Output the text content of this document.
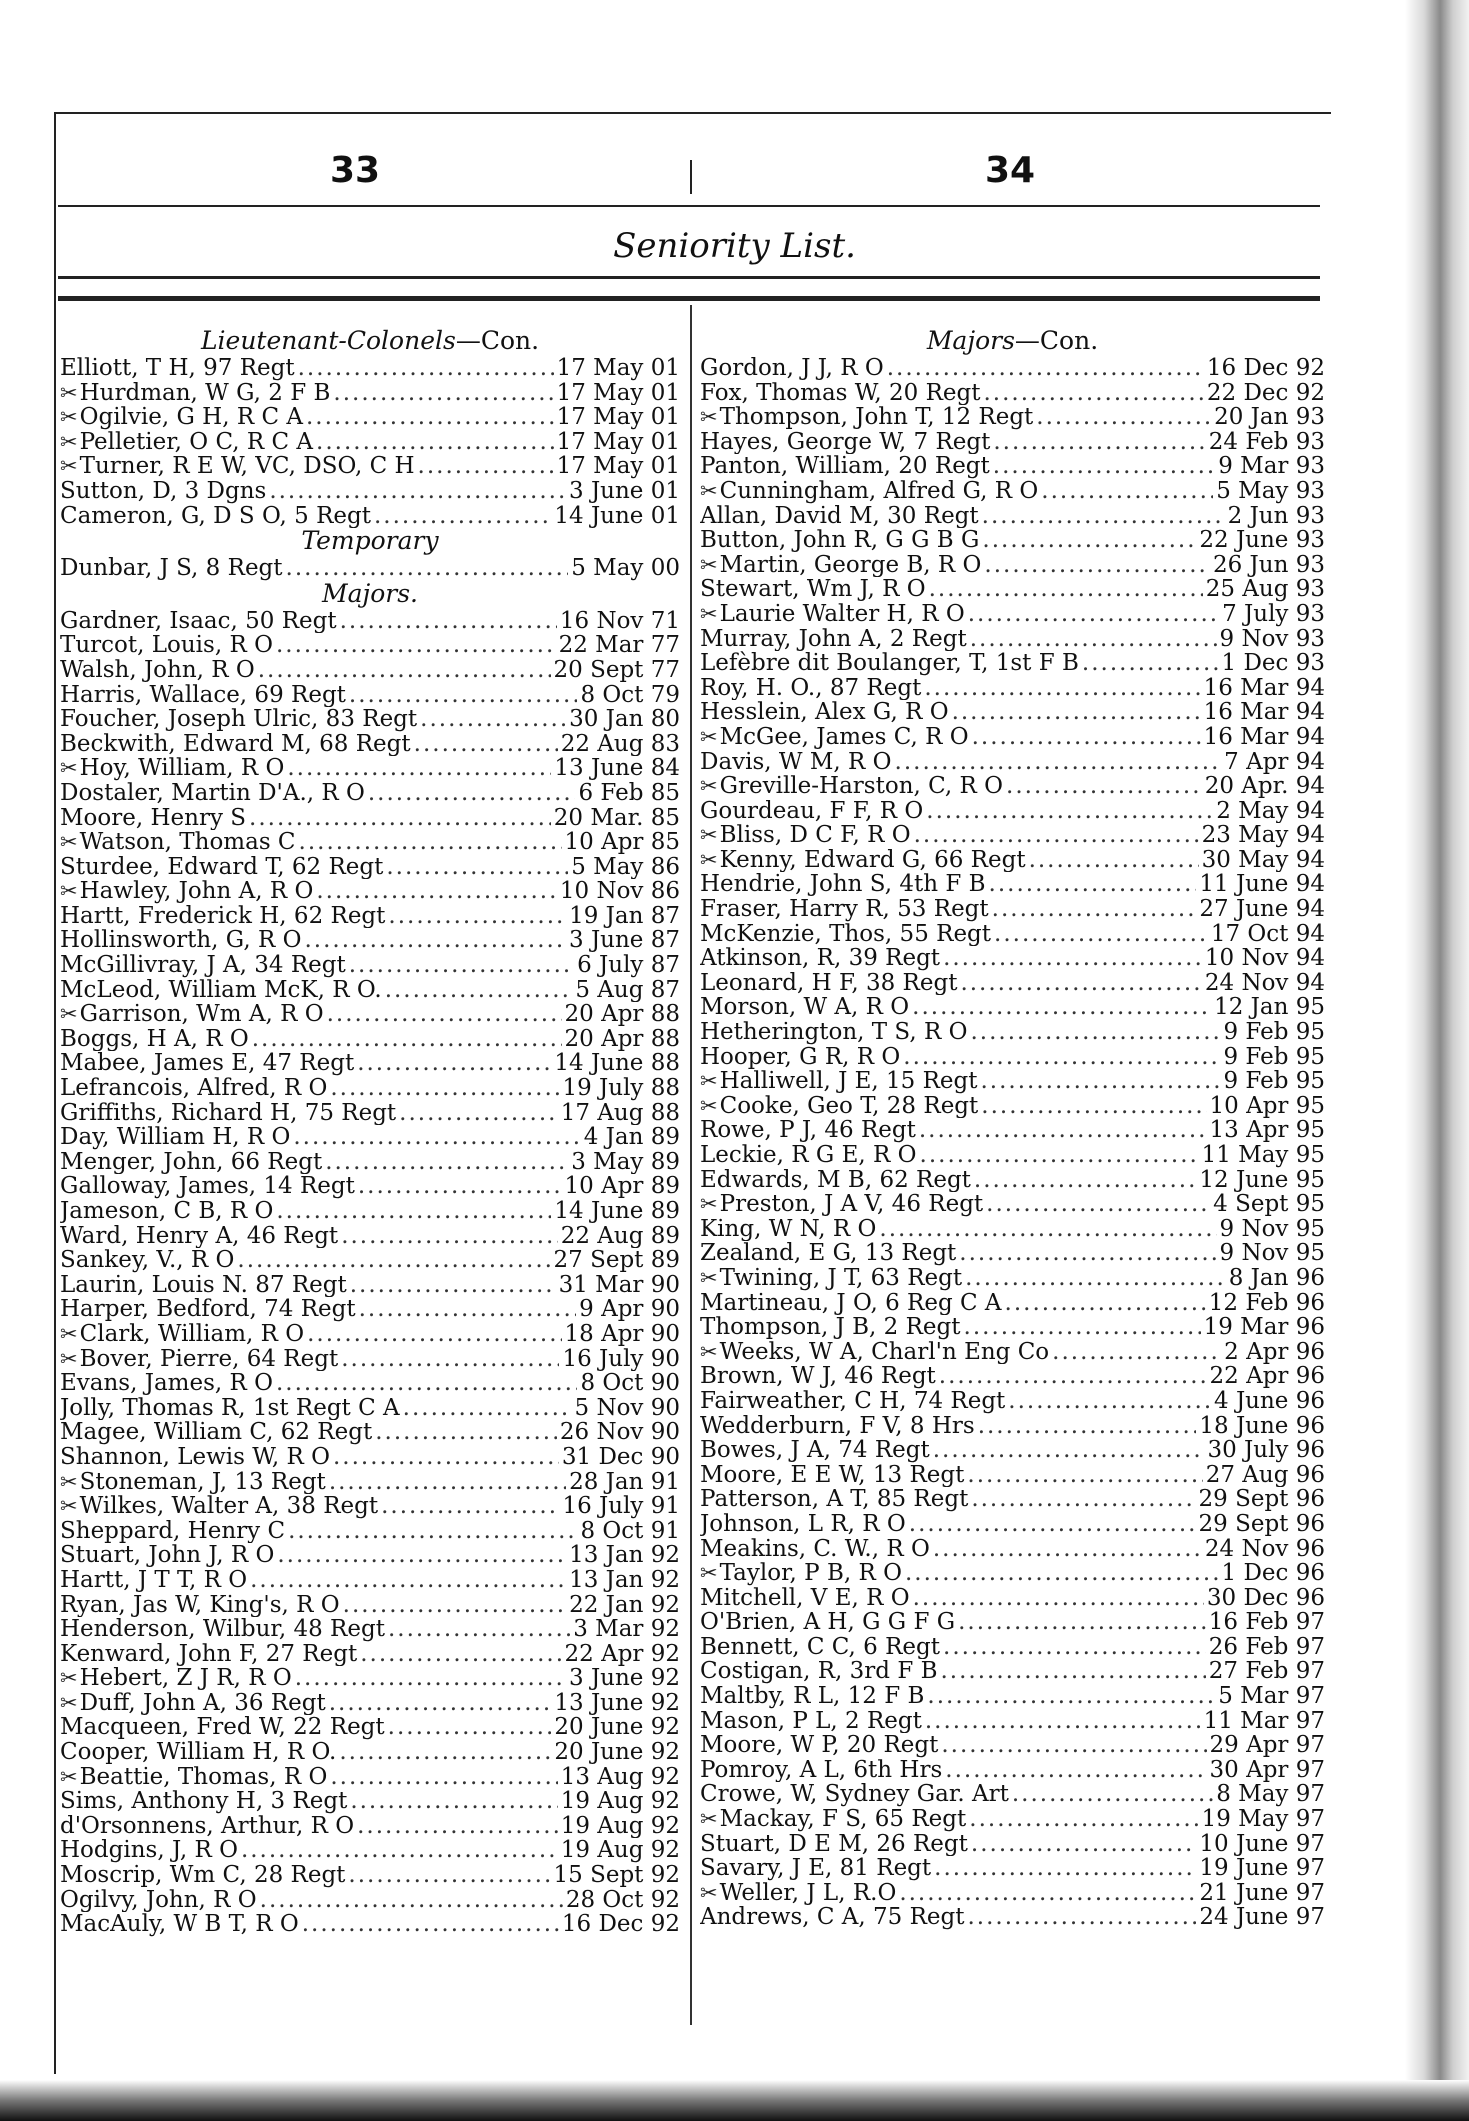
33	34
Seniority List.
Lieutenant-Colonels—Con.
Elliott, T H, 97 Regt .....	17 May 01
✂ Hurdman, W G, 2 F B .....	17 May 01
✂ Ogilvie, G H, R C A .....	17 May 01
✂ Pelletier, O C, R C A .....	17 May 01
✂ Turner, R E W, VC, DSO, C H .....	17 May 01
Sutton, D, 3 Dgns .....	3 June 01
Cameron, G, D S O, 5 Regt .....	14 June 01
Temporary
Dunbar, J S, 8 Regt .....	5 May 00
Majors.
Gardner, Isaac, 50 Regt .....	16 Nov 71
Turcot, Louis, R O .....	22 Mar 77
Walsh, John, R O .....	20 Sept 77
Harris, Wallace, 69 Regt .....	8 Oct 79
Foucher, Joseph Ulric, 83 Regt .....	30 Jan 80
Beckwith, Edward M, 68 Regt .....	22 Aug 83
✂ Hoy, William, R O .....	13 June 84
Dostaler, Martin D'A., R O .....	6 Feb 85
Moore, Henry S .....	20 Mar. 85
✂ Watson, Thomas C .....	10 Apr 85
Sturdee, Edward T, 62 Regt .....	5 May 86
✂ Hawley, John A, R O .....	10 Nov 86
Hartt, Frederick H, 62 Regt .....	19 Jan 87
Hollinsworth, G, R O .....	3 June 87
McGillivray, J A, 34 Regt .....	6 July 87
McLeod, William McK, R O. .....	5 Aug 87
✂ Garrison, Wm A, R O .....	20 Apr 88
Boggs, H A, R O .....	20 Apr 88
Mabee, James E, 47 Regt .....	14 June 88
Lefrancois, Alfred, R O .....	19 July 88
Griffiths, Richard H, 75 Regt .....	17 Aug 88
Day, William H, R O .....	4 Jan 89
Menger, John, 66 Regt .....	3 May 89
Galloway, James, 14 Regt .....	10 Apr 89
Jameson, C B, R O .....	14 June 89
Ward, Henry A, 46 Regt .....	22 Aug 89
Sankey, V., R O .....	27 Sept 89
Laurin, Louis N. 87 Regt .....	31 Mar 90
Harper, Bedford, 74 Regt .....	9 Apr 90
✂ Clark, William, R O .....	18 Apr 90
✂ Bover, Pierre, 64 Regt .....	16 July 90
Evans, James, R O .....	8 Oct 90
Jolly, Thomas R, 1st Regt C A .....	5 Nov 90
Magee, William C, 62 Regt .....	26 Nov 90
Shannon, Lewis W, R O .....	31 Dec 90
✂ Stoneman, J, 13 Regt .....	28 Jan 91
✂ Wilkes, Walter A, 38 Regt .....	16 July 91
Sheppard, Henry C .....	8 Oct 91
Stuart, John J, R O .....	13 Jan 92
Hartt, J T T, R O .....	13 Jan 92
Ryan, Jas W, King's, R O .....	22 Jan 92
Henderson, Wilbur, 48 Regt .....	3 Mar 92
Kenward, John F, 27 Regt .....	22 Apr 92
✂ Hebert, Z J R, R O .....	3 June 92
✂ Duff, John A, 36 Regt .....	13 June 92
Macqueen, Fred W, 22 Regt .....	20 June 92
Cooper, William H, R O. .....	20 June 92
✂ Beattie, Thomas, R O .....	13 Aug 92
Sims, Anthony H, 3 Regt .....	19 Aug 92
d'Orsonnens, Arthur, R O .....	19 Aug 92
Hodgins, J, R O .....	19 Aug 92
Moscrip, Wm C, 28 Regt .....	15 Sept 92
Ogilvy, John, R O .....	28 Oct 92
MacAuly, W B T, R O .....	16 Dec 92
Majors—Con.
Gordon, J J, R O .....	16 Dec 92
Fox, Thomas W, 20 Regt .....	22 Dec 92
✂ Thompson, John T, 12 Regt .....	20 Jan 93
Hayes, George W, 7 Regt .....	24 Feb 93
Panton, William, 20 Regt .....	9 Mar 93
✂ Cunningham, Alfred G, R O .....	5 May 93
Allan, David M, 30 Regt .....	2 Jun 93
Button, John R, G G B G .....	22 June 93
✂ Martin, George B, R O .....	26 Jun 93
Stewart, Wm J, R O .....	25 Aug 93
✂ Laurie Walter H, R O .....	7 July 93
Murray, John A, 2 Regt .....	9 Nov 93
Lefèbre dit Boulanger, T, 1st F B .....	1 Dec 93
Roy, H. O., 87 Regt .....	16 Mar 94
Hesslein, Alex G, R O .....	16 Mar 94
✂ McGee, James C, R O .....	16 Mar 94
Davis, W M, R O .....	7 Apr 94
✂ Greville-Harston, C, R O .....	20 Apr. 94
Gourdeau, F F, R O .....	2 May 94
✂ Bliss, D C F, R O .....	23 May 94
✂ Kenny, Edward G, 66 Regt .....	30 May 94
Hendrie, John S, 4th F B .....	11 June 94
Fraser, Harry R, 53 Regt .....	27 June 94
McKenzie, Thos, 55 Regt .....	17 Oct 94
Atkinson, R, 39 Regt .....	10 Nov 94
Leonard, H F, 38 Regt .....	24 Nov 94
Morson, W A, R O .....	12 Jan 95
Hetherington, T S, R O .....	9 Feb 95
Hooper, G R, R O .....	9 Feb 95
✂ Halliwell, J E, 15 Regt .....	9 Feb 95
✂ Cooke, Geo T, 28 Regt .....	10 Apr 95
Rowe, P J, 46 Regt .....	13 Apr 95
Leckie, R G E, R O .....	11 May 95
Edwards, M B, 62 Regt .....	12 June 95
✂ Preston, J A V, 46 Regt .....	4 Sept 95
King, W N, R O .....	9 Nov 95
Zealand, E G, 13 Regt .....	9 Nov 95
✂ Twining, J T, 63 Regt .....	8 Jan 96
Martineau, J O, 6 Reg C A .....	12 Feb 96
Thompson, J B, 2 Regt .....	19 Mar 96
✂ Weeks, W A, Charl'n Eng Co .....	2 Apr 96
Brown, W J, 46 Regt .....	22 Apr 96
Fairweather, C H, 74 Regt .....	4 June 96
Wedderburn, F V, 8 Hrs .....	18 June 96
Bowes, J A, 74 Regt .....	30 July 96
Moore, E E W, 13 Regt .....	27 Aug 96
Patterson, A T, 85 Regt .....	29 Sept 96
Johnson, L R, R O .....	29 Sept 96
Meakins, C. W., R O .....	24 Nov 96
✂ Taylor, P B, R O .....	1 Dec 96
Mitchell, V E, R O .....	30 Dec 96
O'Brien, A H, G G F G .....	16 Feb 97
Bennett, C C, 6 Regt .....	26 Feb 97
Costigan, R, 3rd F B .....	27 Feb 97
Maltby, R L, 12 F B .....	5 Mar 97
Mason, P L, 2 Regt .....	11 Mar 97
Moore, W P, 20 Regt .....	29 Apr 97
Pomroy, A L, 6th Hrs .....	30 Apr 97
Crowe, W, Sydney Gar. Art .....	8 May 97
✂ Mackay, F S, 65 Regt .....	19 May 97
Stuart, D E M, 26 Regt .....	10 June 97
Savary, J E, 81 Regt .....	19 June 97
✂ Weller, J L, R.O .....	21 June 97
Andrews, C A, 75 Regt .....	24 June 97
